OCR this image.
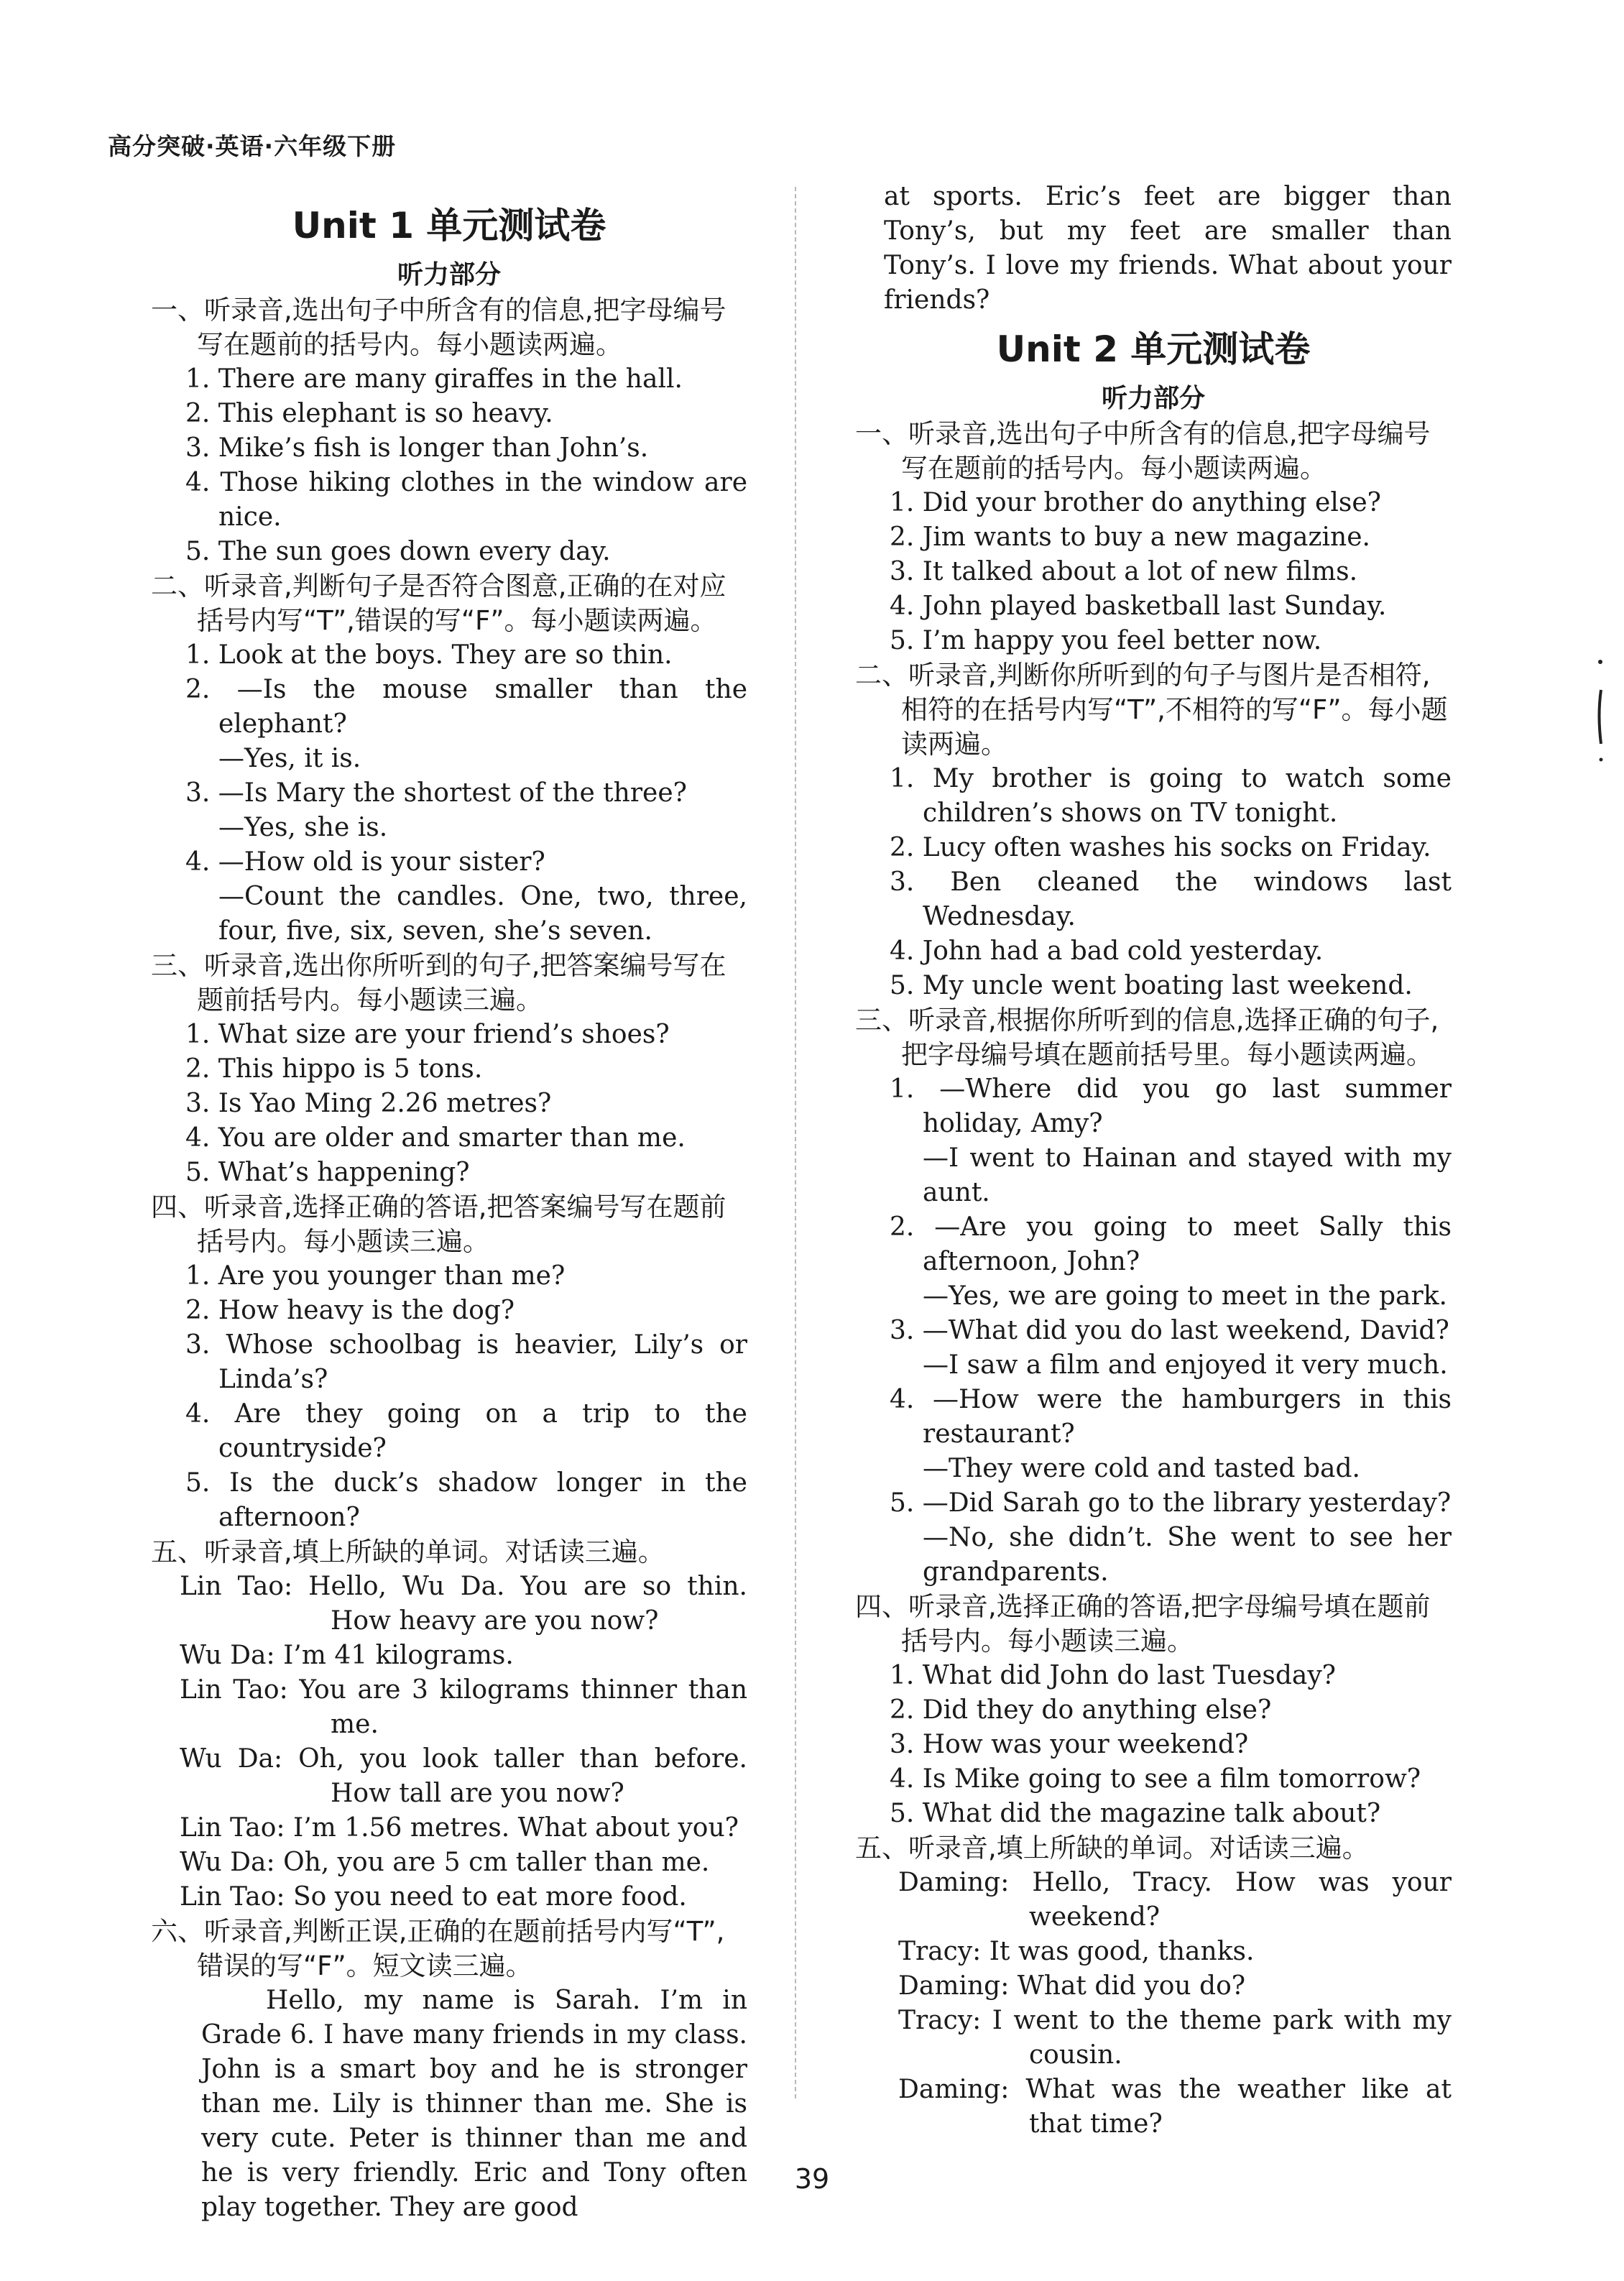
高分突破·英语·六年级下册
Unit 1 单元测试卷
听力部分
一、听录音,选出句子中所含有的信息,把字母编号写在题前的括号内。每小题读两遍。
1. There are many giraffes in the hall.
2. This elephant is so heavy.
3. Mike’s fish is longer than John’s.
4. Those hiking clothes in the window are nice.
5. The sun goes down every day.
二、听录音,判断句子是否符合图意,正确的在对应括号内写“T”,错误的写“F”。每小题读两遍。
1. Look at the boys. They are so thin.
2. —Is the mouse smaller than the elephant?
—Yes, it is.
3. —Is Mary the shortest of the three?
—Yes, she is.
4. —How old is your sister?
—Count the candles. One, two, three, four, five, six, seven, she’s seven.
三、听录音,选出你所听到的句子,把答案编号写在题前括号内。每小题读三遍。
1. What size are your friend’s shoes?
2. This hippo is 5 tons.
3. Is Yao Ming 2.26 metres?
4. You are older and smarter than me.
5. What’s happening?
四、听录音,选择正确的答语,把答案编号写在题前括号内。每小题读三遍。
1. Are you younger than me?
2. How heavy is the dog?
3. Whose schoolbag is heavier, Lily’s or Linda’s?
4. Are they going on a trip to the countryside?
5. Is the duck’s shadow longer in the afternoon?
五、听录音,填上所缺的单词。对话读三遍。
Lin Tao: Hello, Wu Da. You are so thin. How heavy are you now?
Wu Da: I’m 41 kilograms.
Lin Tao: You are 3 kilograms thinner than me.
Wu Da: Oh, you look taller than before. How tall are you now?
Lin Tao: I’m 1.56 metres. What about you?
Wu Da: Oh, you are 5 cm taller than me.
Lin Tao: So you need to eat more food.
六、听录音,判断正误,正确的在题前括号内写“T”,错误的写“F”。短文读三遍。
Hello, my name is Sarah. I’m in Grade 6. I have many friends in my class. John is a smart boy and he is stronger than me. Lily is thinner than me. She is very cute. Peter is thinner than me and he is very friendly. Eric and Tony often play together. They are good
at sports. Eric’s feet are bigger than Tony’s, but my feet are smaller than Tony’s. I love my friends. What about your friends?
Unit 2 单元测试卷
听力部分
一、听录音,选出句子中所含有的信息,把字母编号写在题前的括号内。每小题读两遍。
1. Did your brother do anything else?
2. Jim wants to buy a new magazine.
3. It talked about a lot of new films.
4. John played basketball last Sunday.
5. I’m happy you feel better now.
二、听录音,判断你所听到的句子与图片是否相符,相符的在括号内写“T”,不相符的写“F”。每小题读两遍。
1. My brother is going to watch some children’s shows on TV tonight.
2. Lucy often washes his socks on Friday.
3. Ben cleaned the windows last Wednesday.
4. John had a bad cold yesterday.
5. My uncle went boating last weekend.
三、听录音,根据你所听到的信息,选择正确的句子,把字母编号填在题前括号里。每小题读两遍。
1. —Where did you go last summer holiday, Amy?
—I went to Hainan and stayed with my aunt.
2. —Are you going to meet Sally this afternoon, John?
—Yes, we are going to meet in the park.
3. —What did you do last weekend, David?
—I saw a film and enjoyed it very much.
4. —How were the hamburgers in this restaurant?
—They were cold and tasted bad.
5. —Did Sarah go to the library yesterday?
—No, she didn’t. She went to see her grandparents.
四、听录音,选择正确的答语,把字母编号填在题前括号内。每小题读三遍。
1. What did John do last Tuesday?
2. Did they do anything else?
3. How was your weekend?
4. Is Mike going to see a film tomorrow?
5. What did the magazine talk about?
五、听录音,填上所缺的单词。对话读三遍。
Daming: Hello, Tracy. How was your weekend?
Tracy: It was good, thanks.
Daming: What did you do?
Tracy: I went to the theme park with my cousin.
Daming: What was the weather like at that time?
39
